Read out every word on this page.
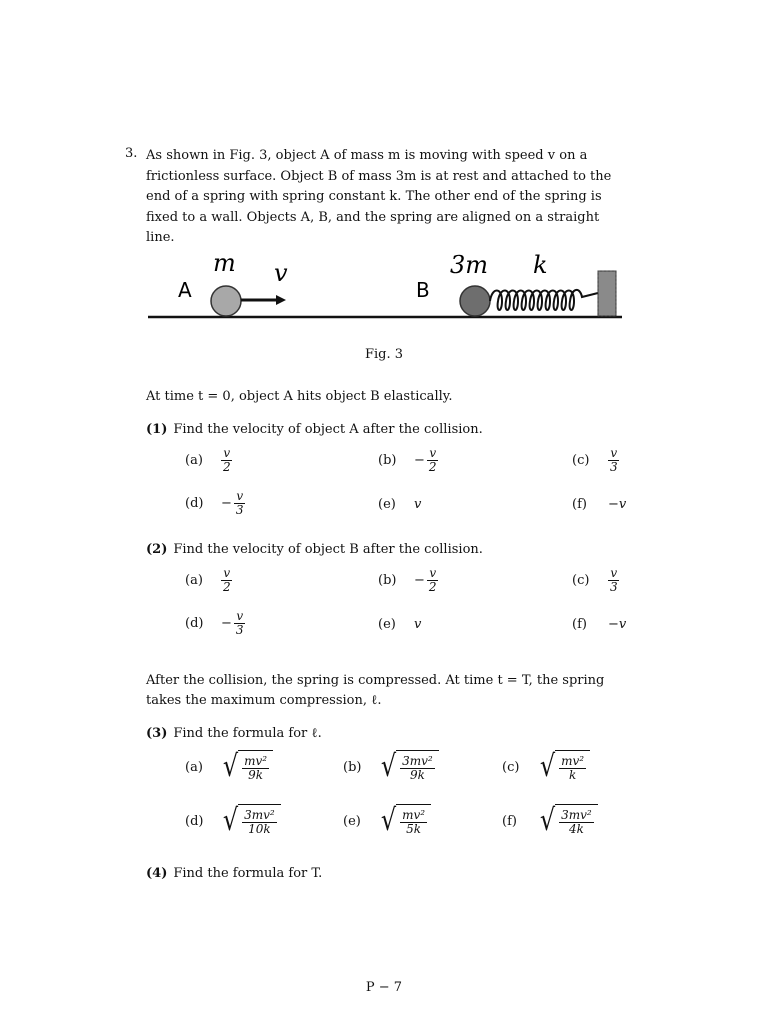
3. As shown in Fig. 3, object A of mass m is moving with speed v on a frictionless surface. Object B of mass 3m is at rest and attached to the end of a spring with spring constant k. The other end of the spring is fixed to a wall. Objects A, B, and the spring are aligned on a straight line.
m v
A	B
3m k
Fig. 3
At time t = 0, object A hits object B elastically.
(1) Find the velocity of object A after the collision.
$(a) \frac{v}{2}$	$(b) - \frac{v}{2}$	$(c) \frac{v}{3}$
$(d) - \frac{v}{3}$	(e) v	(f) −v
(2) Find the velocity of object B after the collision.
$(a) \frac{v}{2}$	$(b) - \frac{v}{2}$	$(c) \frac{v}{3}$
$(d) - \frac{v}{3}$	(e) v	(f) −v
After the collision, the spring is compressed. At time t = T, the spring takes the maximum compression, ℓ.
(3) Find the formula for ℓ.
(a) √ $\frac{\text{mv²}}{9k}$	(b) √ $\frac{\text{3mv²}}{9k}$	(c) √ $\frac{\text{mv²}}{k}$
(d) √ $\frac{\text{3mv²}}{10k}$	(e) √ $\frac{\text{mv²}}{5k}$	(f) √ $\frac{\text{3mv²}}{4k}$
(4) Find the formula for T.
P − 7
